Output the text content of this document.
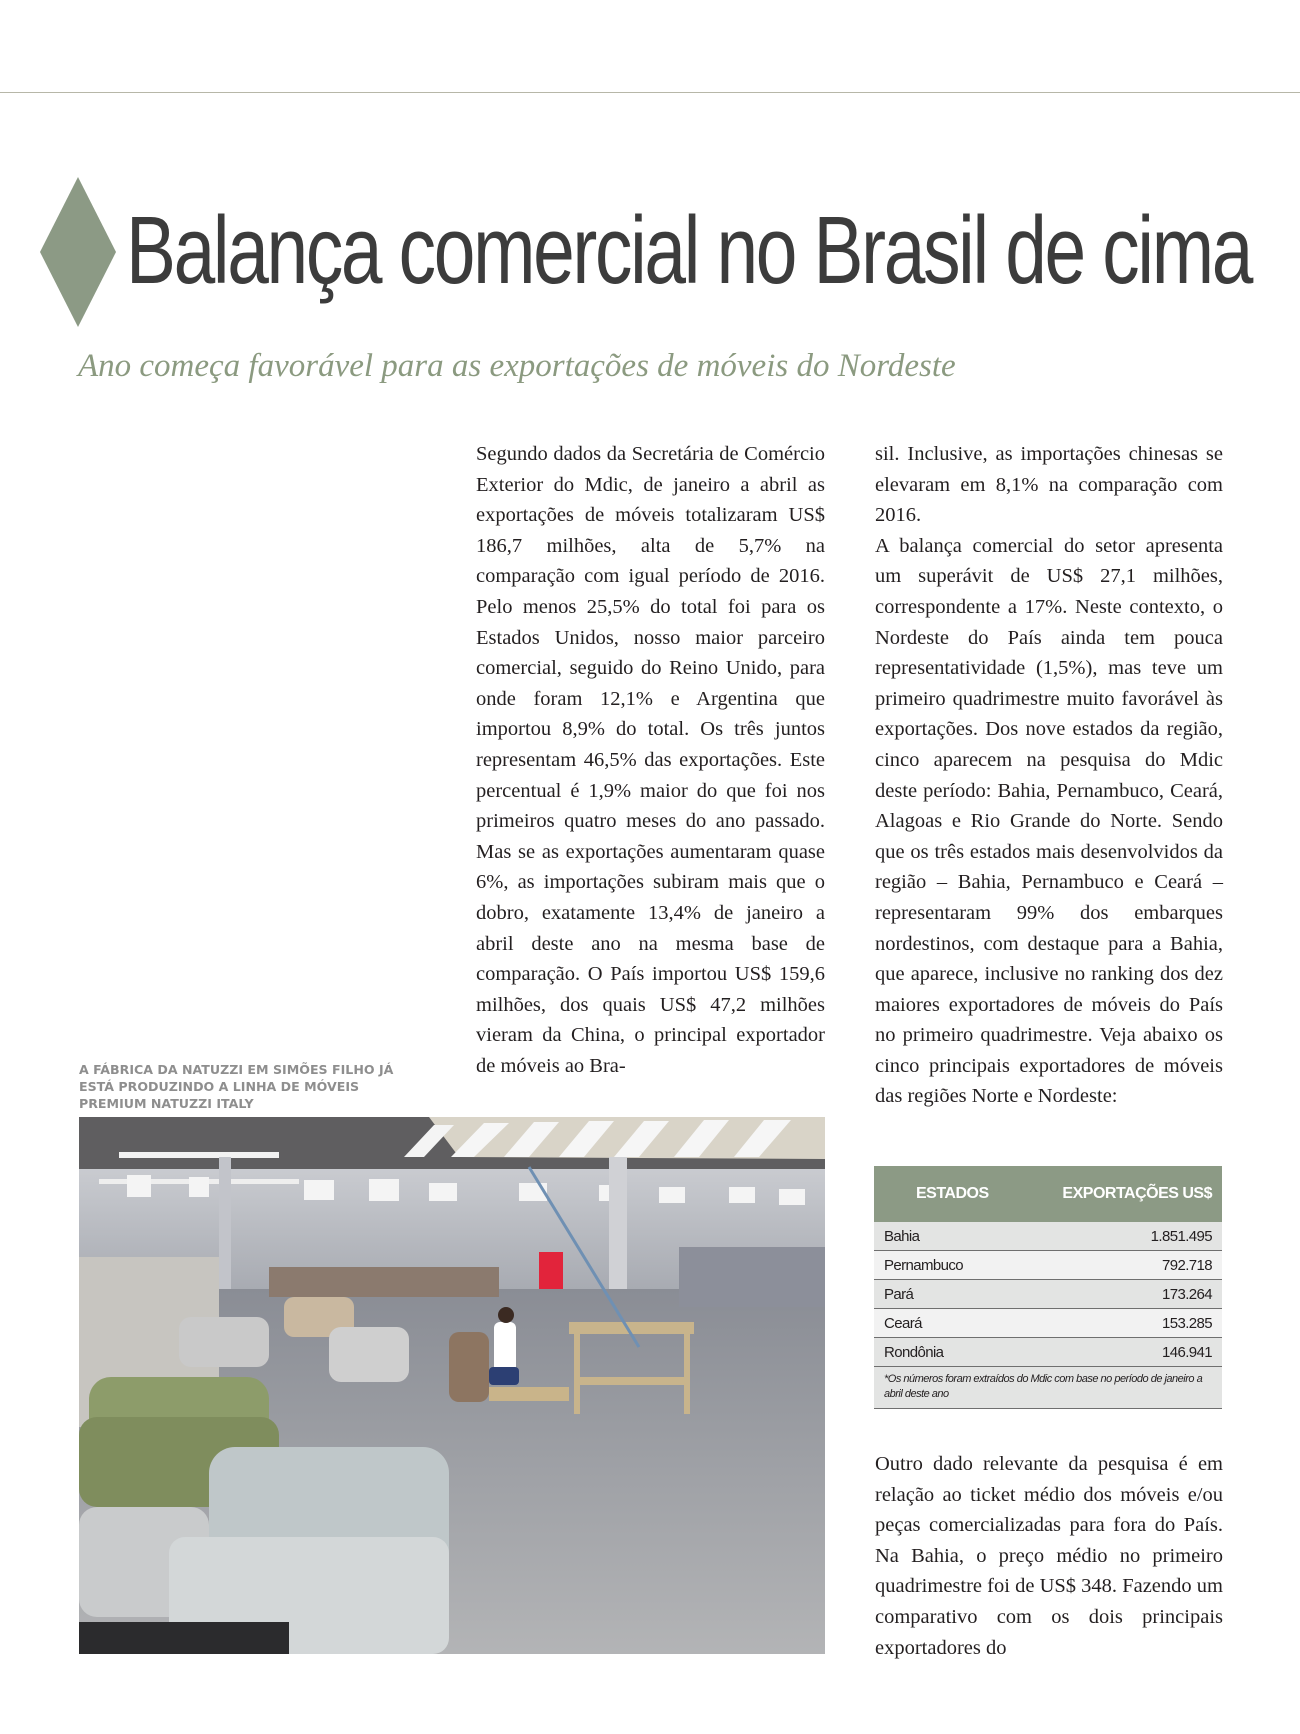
Balança comercial no Brasil de cima
Ano começa favorável para as exportações de móveis do Nordeste

Segundo dados da Secretária de Comércio Exterior do Mdic, de janeiro a abril as exportações de móveis totalizaram US$ 186,7 milhões, alta de 5,7% na comparação com igual período de 2016. Pelo menos 25,5% do total foi para os Estados Unidos, nosso maior parceiro comercial, seguido do Reino Unido, para onde foram 12,1% e Argentina que importou 8,9% do total. Os três juntos representam 46,5% das exportações. Este percentual é 1,9% maior do que foi nos primeiros quatro meses do ano passado. Mas se as exportações aumentaram quase 6%, as importações subiram mais que o dobro, exatamente 13,4% de janeiro a abril deste ano na mesma base de comparação. O País importou US$ 159,6 milhões, dos quais US$ 47,2 milhões vieram da China, o principal exportador de móveis ao Bra-

sil. Inclusive, as importações chinesas se elevaram em 8,1% na comparação com 2016.

A balança comercial do setor apresenta um superávit de US$ 27,1 milhões, correspondente a 17%. Neste contexto, o Nordeste do País ainda tem pouca representatividade (1,5%), mas teve um primeiro quadrimestre muito favorável às exportações. Dos nove estados da região, cinco aparecem na pesquisa do Mdic deste período: Bahia, Pernambuco, Ceará, Alagoas e Rio Grande do Norte. Sendo que os três estados mais desenvolvidos da região – Bahia, Pernambuco e Ceará – representaram 99% dos embarques nordestinos, com destaque para a Bahia, que aparece, inclusive no ranking dos dez maiores exportadores de móveis do País no primeiro quadrimestre. Veja abaixo os cinco principais exportadores de móveis das regiões Norte e Nordeste:

A FÁBRICA DA NATUZZI EM SIMÕES FILHO JÁ ESTÁ PRODUZINDO A LINHA DE MÓVEIS PREMIUM NATUZZI ITALY
ESTADOS	EXPORTAÇÕES US$
Bahia	1.851.495
Pernambuco	792.718
Pará	173.264
Ceará	153.285
Rondônia	146.941
*Os números foram extraídos do Mdic com base no período de janeiro a abril deste ano

Outro dado relevante da pesquisa é em relação ao ticket médio dos móveis e/ou peças comercializadas para fora do País. Na Bahia, o preço médio no primeiro quadrimestre foi de US$ 348. Fazendo um comparativo com os dois principais exportadores do
